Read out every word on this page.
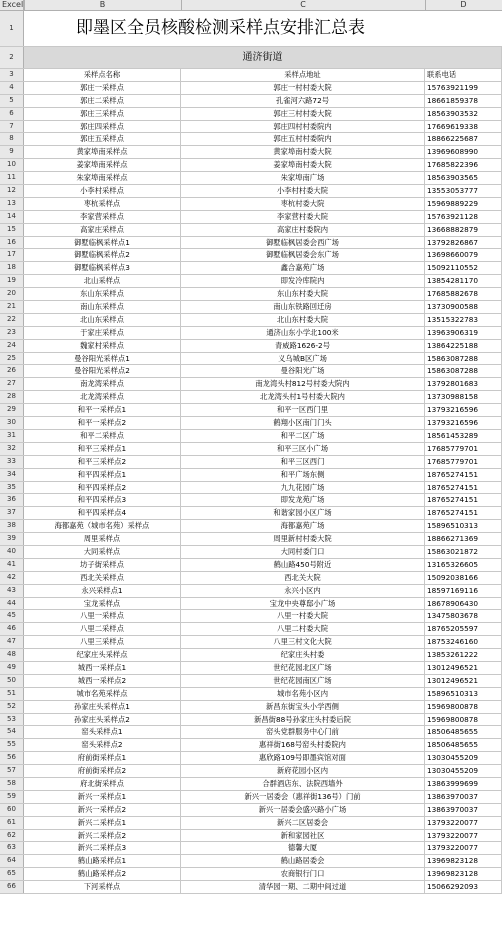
Excel	B	C	D
1	即墨区全员核酸检测采样点安排汇总表
2	通济街道
3	采样点名称	采样点地址	联系电话
4	郭庄一采样点	郭庄一村村委大院	15763921199
5	郭庄二采样点	孔雀河六路72号	18661859378
6	郭庄三采样点	郭庄三村村委大院	18563903532
7	郭庄四采样点	郭庄四村村委院内	17669619338
8	郭庄五采样点	郭庄五村村委院内	18866225687
9	黄家埠南采样点	黄家埠南村委大院	13969608990
10	姜家埠南采样点	姜家埠南村委大院	17685822396
11	朱家埠南采样点	朱家埠南广场	18563903565
12	小李村采样点	小李村村委大院	13553053777
13	枣杭采样点	枣杭村委大院	15969889229
14	李家营采样点	李家营村委大院	15763921128
15	高家庄采样点	高家庄村委院内	13668882879
16	御墅临枫采样点1	御墅临枫居委会西广场	13792826867
17	御墅临枫采样点2	御墅临枫居委会东广场	13698660079
18	御墅临枫采样点3	鑫合嘉苑广场	15092110552
19	北山采样点	即发冷库院内	13854281170
20	东山东采样点	东山东村委大院	17685882678
21	南山东采样点	南山东铁路回迁房	13730900588
22	北山东采样点	北山东村委大院	13515322783
23	于家庄采样点	通济山东小学北100米	13963906319
24	魏家村采样点	青威路1626-2号	13864225188
25	曼谷阳光采样点1	义乌城B区广场	15863087288
26	曼谷阳光采样点2	曼谷阳光广场	15863087288
27	南龙湾采样点	南龙湾头村812号村委大院内	13792801683
28	北龙湾采样点	北龙湾头村1号村委大院内	13730988158
29	和平一采样点1	和平一区西门里	13793216596
30	和平一采样点2	鹤翔小区南门门头	13793216596
31	和平二采样点	和平二区广场	18561453289
32	和平三采样点1	和平三区小广场	17685779701
33	和平三采样点2	和平三区西门	17685779701
34	和平四采样点1	和平广场东侧	18765274151
35	和平四采样点2	九九花园广场	18765274151
36	和平四采样点3	即发龙苑广场	18765274151
37	和平四采样点4	和谐家园小区广场	18765274151
38	海都嘉苑（城市名苑）采样点	海都嘉苑广场	15896510313
39	周里采样点	周里新村村委大院	18866271369
40	大同采样点	大同村委门口	15863021872
41	坊子街采样点	鹤山路450号附近	13165326605
42	西北关采样点	西北关大院	15092038166
43	永兴采样点1	永兴小区内	18597169116
44	宝龙采样点	宝龙中央尊邸小广场	18678906430
45	八里一采样点	八里一村委大院	13475803678
46	八里二采样点	八里二村委大院	18765205597
47	八里三采样点	八里三村文化大院	18753246160
48	纪家庄头采样点	纪家庄头村委	13853261222
49	城西一采样点1	世纪花园北区广场	13012496521
50	城西一采样点2	世纪花园南区广场	13012496521
51	城市名苑采样点	城市名苑小区内	15896510313
52	孙家庄头采样点1	新昌东街宝头小学西侧	15969800878
53	孙家庄头采样点2	新昌街88号孙家庄头村委后院	15969800878
54	窑头采样点1	窑头党群服务中心门前	18506485655
55	窑头采样点2	惠祥街168号窑头村委院内	18506485655
56	府前街采样点1	惠欣路109号即墨宾馆对面	13030455209
57	府前街采样点2	新府花园小区内	13030455209
58	府北街采样点	合群酒店东、法院西墙外	13863999699
59	新兴一采样点1	新兴一居委会（惠祥街136号）门前	13863970037
60	新兴一采样点2	新兴一居委会盛兴路小广场	13863970037
61	新兴二采样点1	新兴二区居委会	13793220077
62	新兴二采样点2	新和家园社区	13793220077
63	新兴二采样点3	德馨大厦	13793220077
64	鹤山路采样点1	鹤山路居委会	13969823128
65	鹤山路采样点2	农商银行门口	13969823128
66	下河采样点	清华园一期、二期中间过道	15066292093
